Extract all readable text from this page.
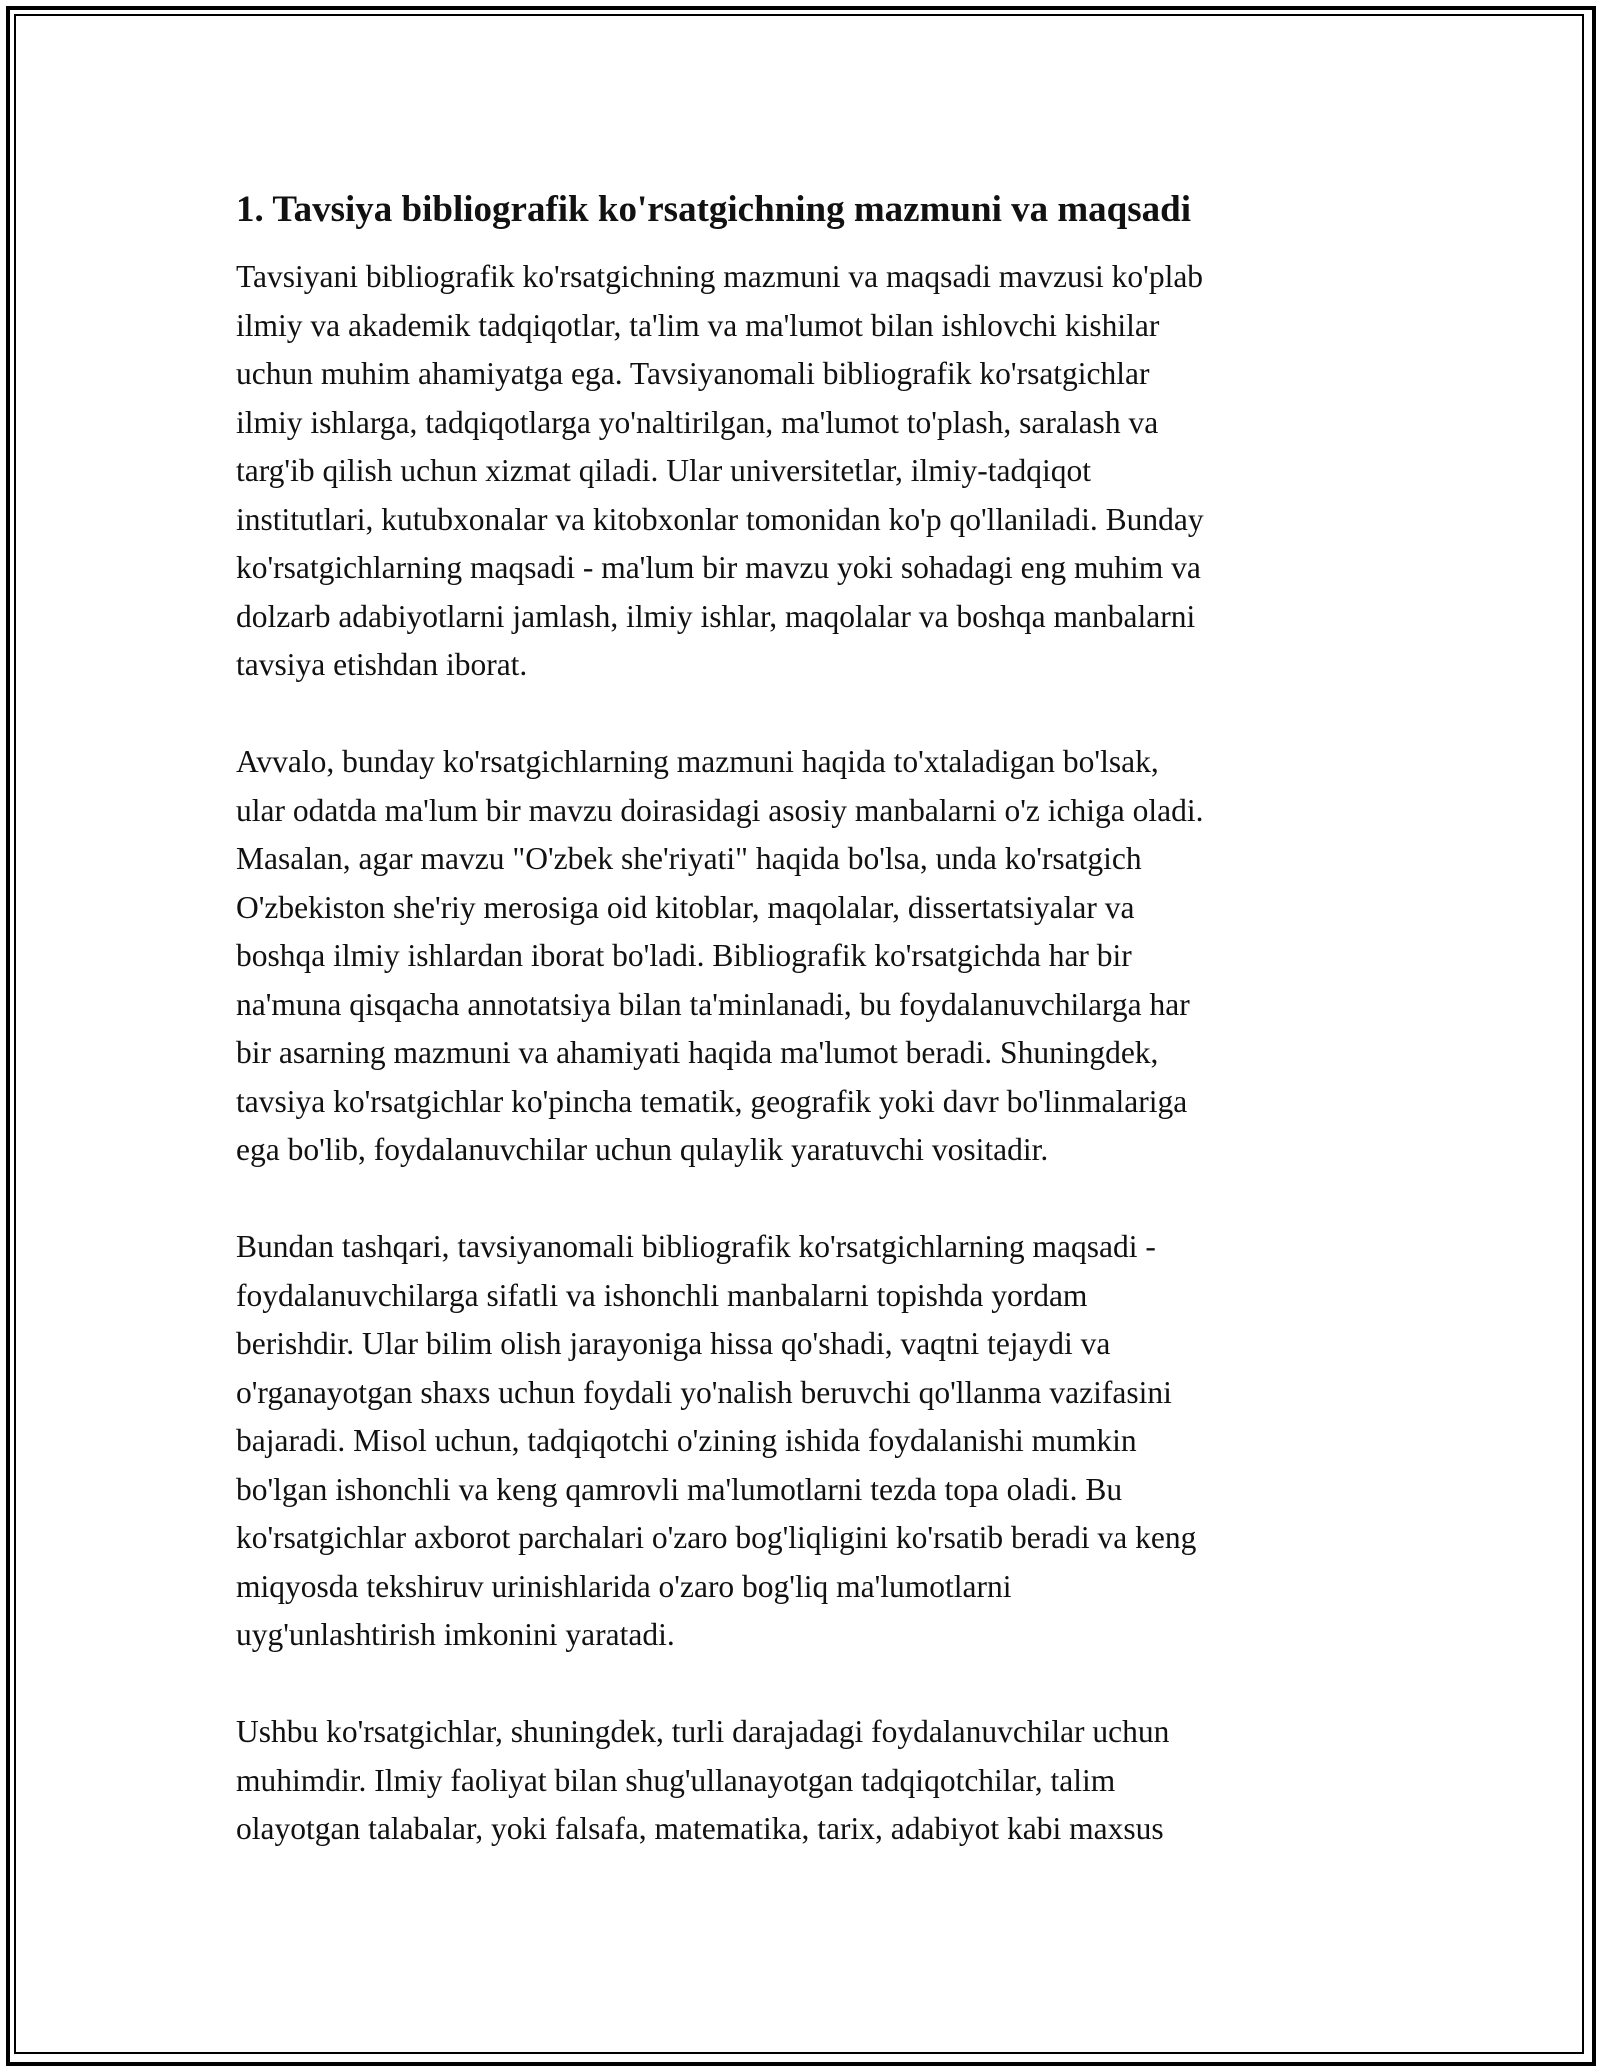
1. Tavsiya bibliografik ko'rsatgichning mazmuni va maqsadi

Tavsiyani bibliografik ko'rsatgichning mazmuni va maqsadi mavzusi ko'plab
ilmiy va akademik tadqiqotlar, ta'lim va ma'lumot bilan ishlovchi kishilar
uchun muhim ahamiyatga ega. Tavsiyanomali bibliografik ko'rsatgichlar
ilmiy ishlarga, tadqiqotlarga yo'naltirilgan, ma'lumot to'plash, saralash va
targ'ib qilish uchun xizmat qiladi. Ular universitetlar, ilmiy-tadqiqot
institutlari, kutubxonalar va kitobxonlar tomonidan ko'p qo'llaniladi. Bunday
ko'rsatgichlarning maqsadi - ma'lum bir mavzu yoki sohadagi eng muhim va
dolzarb adabiyotlarni jamlash, ilmiy ishlar, maqolalar va boshqa manbalarni
tavsiya etishdan iborat.

Avvalo, bunday ko'rsatgichlarning mazmuni haqida to'xtaladigan bo'lsak,
ular odatda ma'lum bir mavzu doirasidagi asosiy manbalarni o'z ichiga oladi.
Masalan, agar mavzu "O'zbek she'riyati" haqida bo'lsa, unda ko'rsatgich
O'zbekiston she'riy merosiga oid kitoblar, maqolalar, dissertatsiyalar va
boshqa ilmiy ishlardan iborat bo'ladi. Bibliografik ko'rsatgichda har bir
na'muna qisqacha annotatsiya bilan ta'minlanadi, bu foydalanuvchilarga har
bir asarning mazmuni va ahamiyati haqida ma'lumot beradi. Shuningdek,
tavsiya ko'rsatgichlar ko'pincha tematik, geografik yoki davr bo'linmalariga
ega bo'lib, foydalanuvchilar uchun qulaylik yaratuvchi vositadir.

Bundan tashqari, tavsiyanomali bibliografik ko'rsatgichlarning maqsadi -
foydalanuvchilarga sifatli va ishonchli manbalarni topishda yordam
berishdir. Ular bilim olish jarayoniga hissa qo'shadi, vaqtni tejaydi va
o'rganayotgan shaxs uchun foydali yo'nalish beruvchi qo'llanma vazifasini
bajaradi. Misol uchun, tadqiqotchi o'zining ishida foydalanishi mumkin
bo'lgan ishonchli va keng qamrovli ma'lumotlarni tezda topa oladi. Bu
ko'rsatgichlar axborot parchalari o'zaro bog'liqligini ko'rsatib beradi va keng
miqyosda tekshiruv urinishlarida o'zaro bog'liq ma'lumotlarni
uyg'unlashtirish imkonini yaratadi.

Ushbu ko'rsatgichlar, shuningdek, turli darajadagi foydalanuvchilar uchun
muhimdir. Ilmiy faoliyat bilan shug'ullanayotgan tadqiqotchilar, talim
olayotgan talabalar, yoki falsafa, matematika, tarix, adabiyot kabi maxsus
